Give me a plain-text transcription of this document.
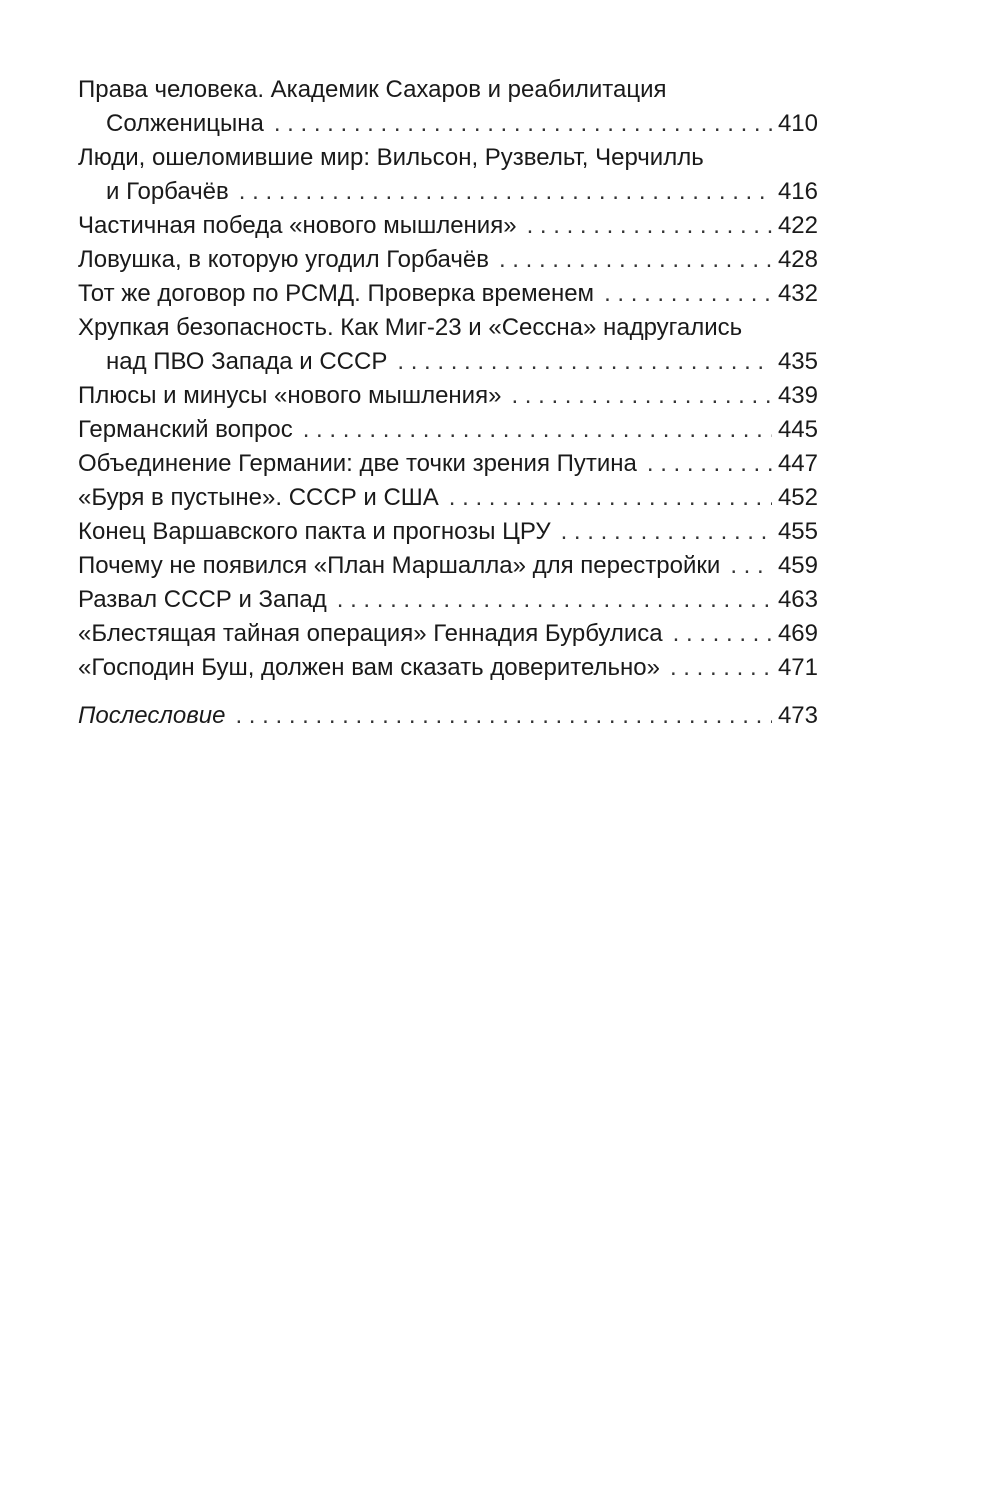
Права человека. Академик Сахаров и реабилитация
Солженицына . . .	410
Люди, ошеломившие мир: Вильсон, Рузвельт, Черчилль
и Горбачёв . . .	416
Частичная победа «нового мышления» . . .	422
Ловушка, в которую угодил Горбачёв . . .	428
Тот же договор по РСМД. Проверка временем . . .	432
Хрупкая безопасность. Как Миг-23 и «Сессна» надругались
над ПВО Запада и СССР . . .	435
Плюсы и минусы «нового мышления» . . .	439
Германский вопрос . . .	445
Объединение Германии: две точки зрения Путина . . .	447
«Буря в пустыне». СССР и США . . .	452
Конец Варшавского пакта и прогнозы ЦРУ . . .	455
Почему не появился «План Маршалла» для перестройки . . . 459
Развал СССР и Запад . . .	463
«Блестящая тайная операция» Геннадия Бурбулиса . . .	469
«Господин Буш, должен вам сказать доверительно» . . .	471
Послесловие . . .	473
